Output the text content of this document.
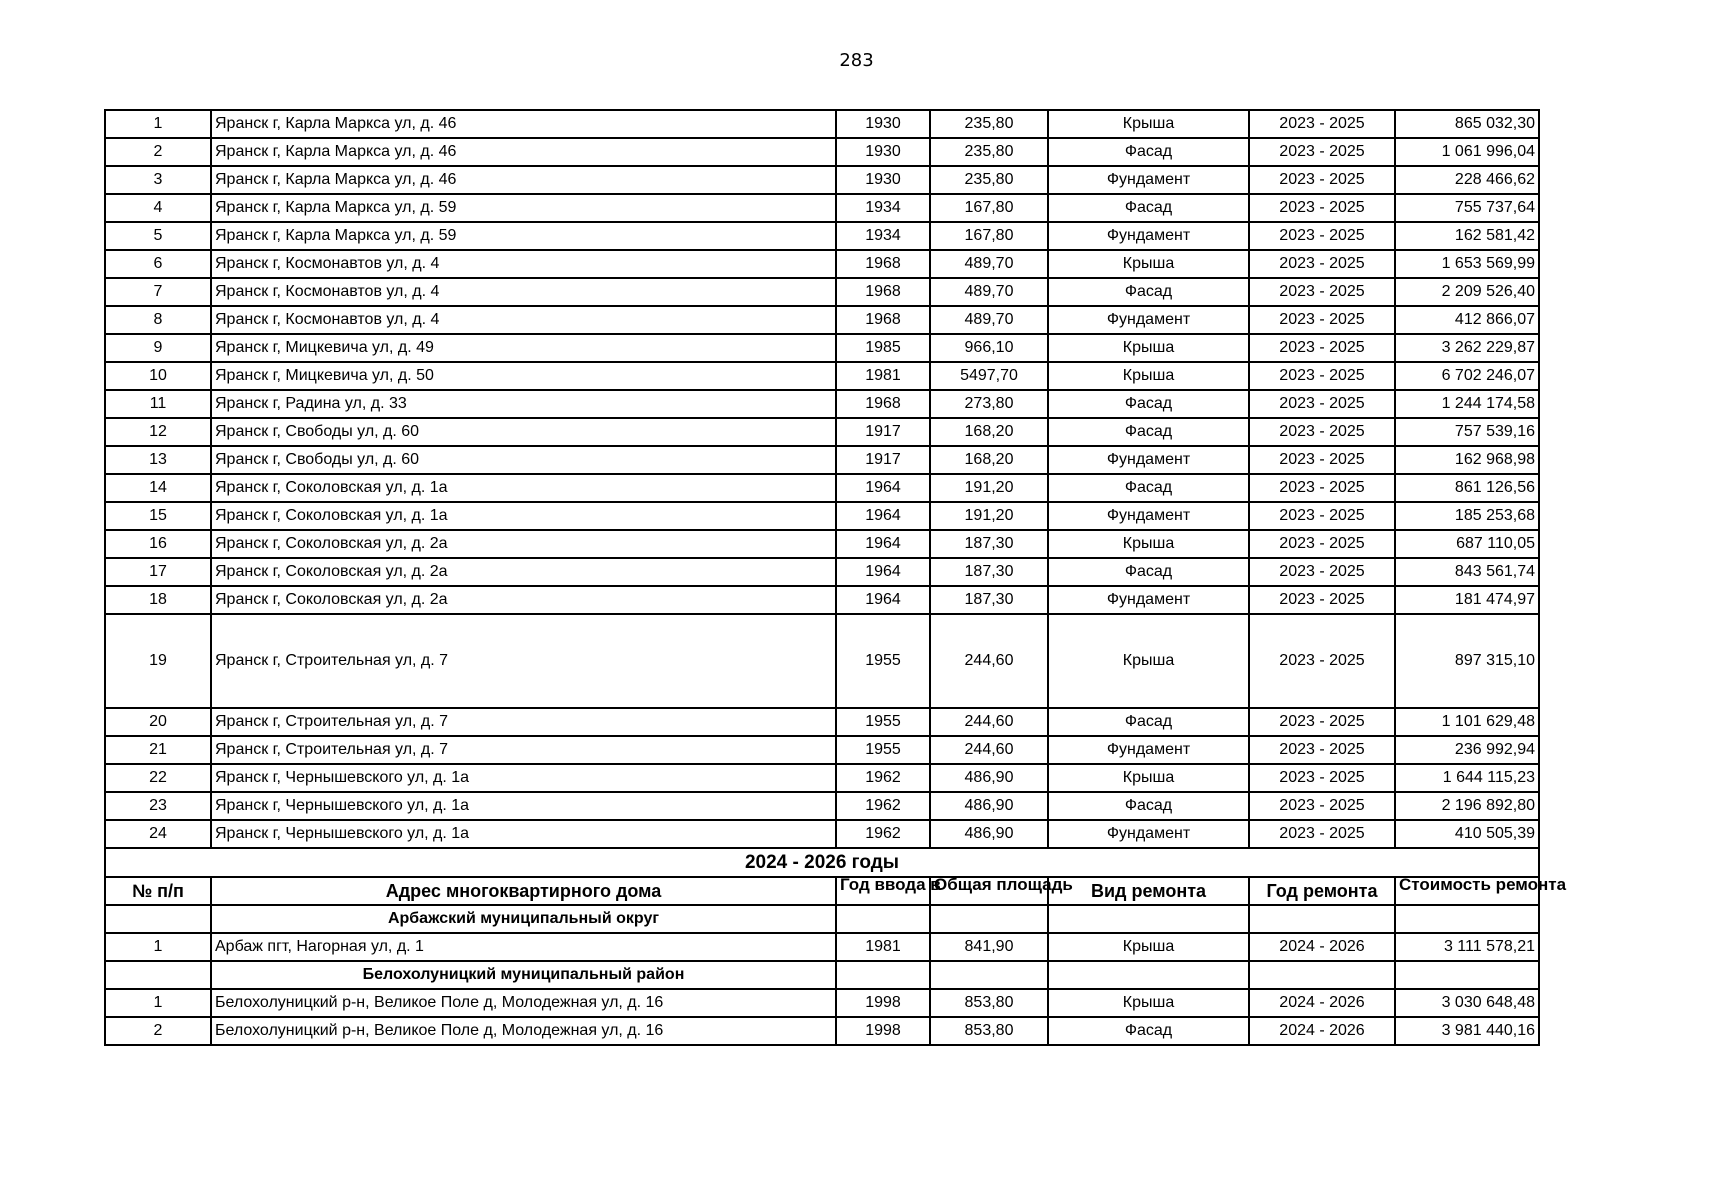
283
1	Яранск г, Карла Маркса ул, д. 46	1930	235,80	Крыша	2023 - 2025	865 032,30
2	Яранск г, Карла Маркса ул, д. 46	1930	235,80	Фасад	2023 - 2025	1 061 996,04
3	Яранск г, Карла Маркса ул, д. 46	1930	235,80	Фундамент	2023 - 2025	228 466,62
4	Яранск г, Карла Маркса ул, д. 59	1934	167,80	Фасад	2023 - 2025	755 737,64
5	Яранск г, Карла Маркса ул, д. 59	1934	167,80	Фундамент	2023 - 2025	162 581,42
6	Яранск г, Космонавтов ул, д. 4	1968	489,70	Крыша	2023 - 2025	1 653 569,99
7	Яранск г, Космонавтов ул, д. 4	1968	489,70	Фасад	2023 - 2025	2 209 526,40
8	Яранск г, Космонавтов ул, д. 4	1968	489,70	Фундамент	2023 - 2025	412 866,07
9	Яранск г, Мицкевича ул, д. 49	1985	966,10	Крыша	2023 - 2025	3 262 229,87
10	Яранск г, Мицкевича ул, д. 50	1981	5497,70	Крыша	2023 - 2025	6 702 246,07
11	Яранск г, Радина ул, д. 33	1968	273,80	Фасад	2023 - 2025	1 244 174,58
12	Яранск г, Свободы ул, д. 60	1917	168,20	Фасад	2023 - 2025	757 539,16
13	Яранск г, Свободы ул, д. 60	1917	168,20	Фундамент	2023 - 2025	162 968,98
14	Яранск г, Соколовская ул, д. 1а	1964	191,20	Фасад	2023 - 2025	861 126,56
15	Яранск г, Соколовская ул, д. 1а	1964	191,20	Фундамент	2023 - 2025	185 253,68
16	Яранск г, Соколовская ул, д. 2а	1964	187,30	Крыша	2023 - 2025	687 110,05
17	Яранск г, Соколовская ул, д. 2а	1964	187,30	Фасад	2023 - 2025	843 561,74
18	Яранск г, Соколовская ул, д. 2а	1964	187,30	Фундамент	2023 - 2025	181 474,97
19	Яранск г, Строительная ул, д. 7	1955	244,60	Крыша	2023 - 2025	897 315,10
20	Яранск г, Строительная ул, д. 7	1955	244,60	Фасад	2023 - 2025	1 101 629,48
21	Яранск г, Строительная ул, д. 7	1955	244,60	Фундамент	2023 - 2025	236 992,94
22	Яранск г, Чернышевского ул, д. 1а	1962	486,90	Крыша	2023 - 2025	1 644 115,23
23	Яранск г, Чернышевского ул, д. 1а	1962	486,90	Фасад	2023 - 2025	2 196 892,80
24	Яранск г, Чернышевского ул, д. 1а	1962	486,90	Фундамент	2023 - 2025	410 505,39
2024 - 2026 годы						
№ п/п	Адрес многоквартирного дома	Год ввода в	Общая площадь	Вид ремонта	Год ремонта	Стоимость ремонта

	Арбажский муниципальный округ					
1	Арбаж пгт, Нагорная ул, д. 1	1981	841,90	Крыша	2024 - 2026	3 111 578,21
	Белохолуницкий муниципальный район					
1	Белохолуницкий р-н, Великое Поле д, Молодежная ул, д. 16	1998	853,80	Крыша	2024 - 2026	3 030 648,48
2	Белохолуницкий р-н, Великое Поле д, Молодежная ул, д. 16	1998	853,80	Фасад	2024 - 2026	3 981 440,16
